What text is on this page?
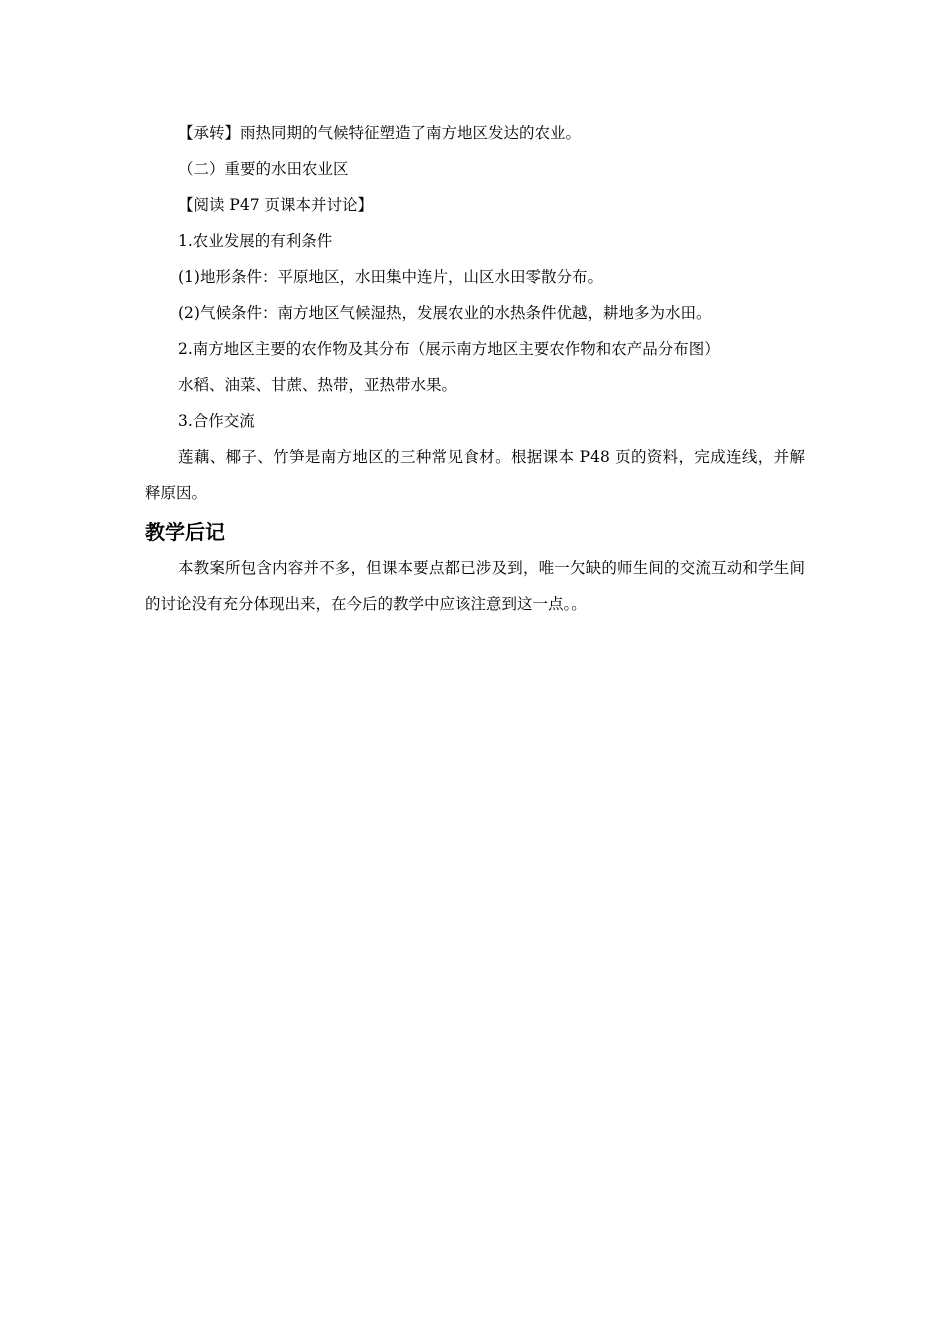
【承转】雨热同期的气候特征塑造了南方地区发达的农业。

（二）重要的水田农业区

【阅读 P47 页课本并讨论】

1.农业发展的有利条件

(1)地形条件：平原地区，水田集中连片，山区水田零散分布。

(2)气候条件：南方地区气候湿热，发展农业的水热条件优越，耕地多为水田。

2.南方地区主要的农作物及其分布（展示南方地区主要农作物和农产品分布图）

水稻、油菜、甘蔗、热带，亚热带水果。

3.合作交流

莲藕、椰子、竹笋是南方地区的三种常见食材。根据课本 P48 页的资料，完成连线，并解释原因。

教学后记

本教案所包含内容并不多，但课本要点都已涉及到，唯一欠缺的师生间的交流互动和学生间的讨论没有充分体现出来，在今后的教学中应该注意到这一点。。
